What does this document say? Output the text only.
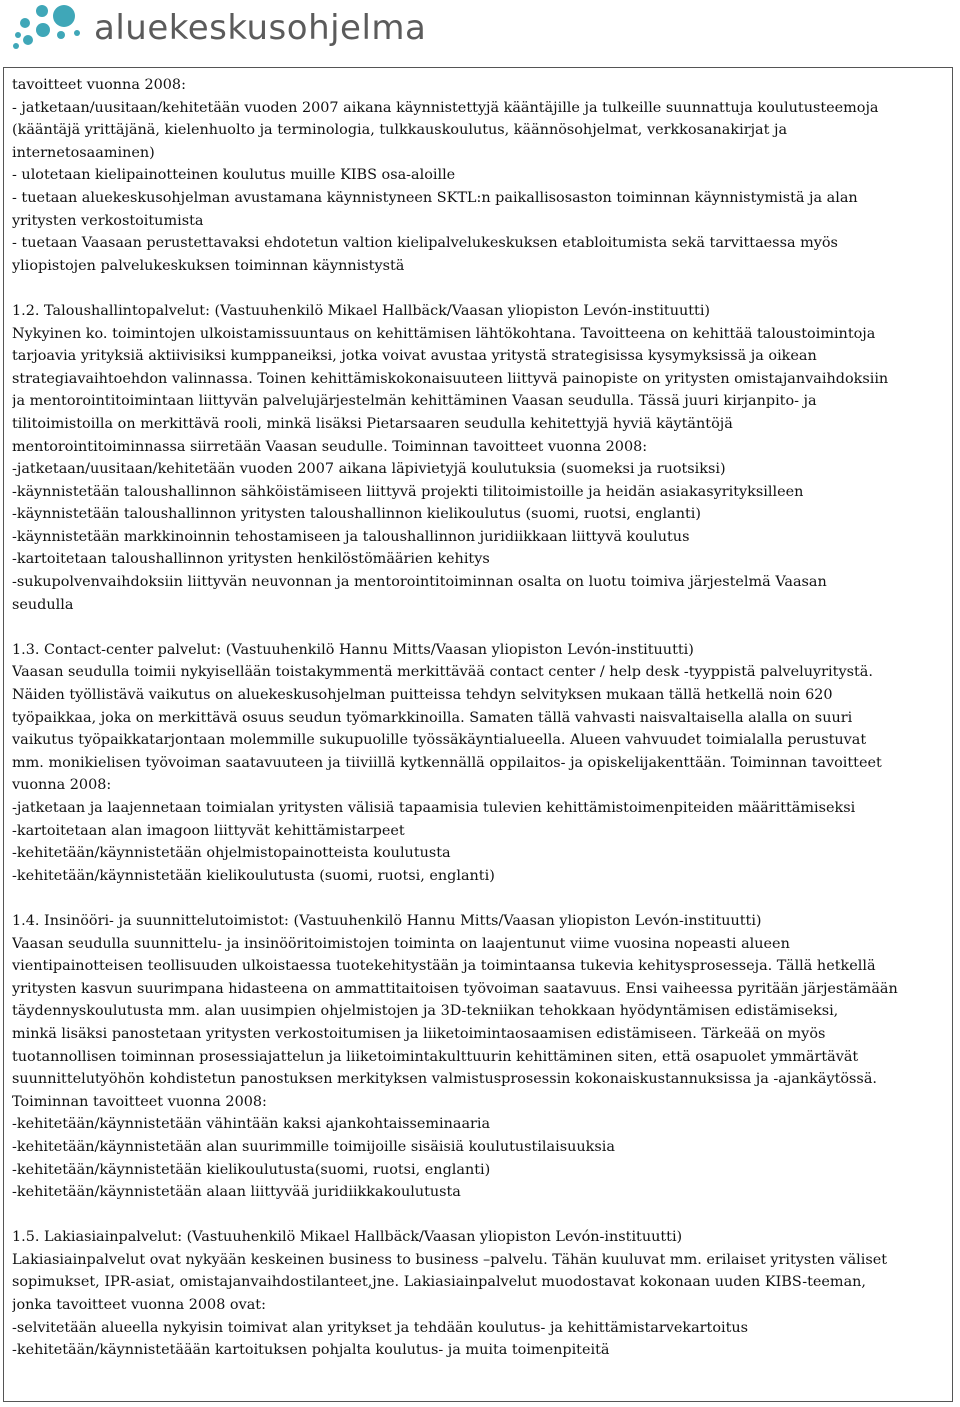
aluekeskusohjelma
tavoitteet vuonna 2008:
- jatketaan/uusitaan/kehitetään vuoden 2007 aikana käynnistettyjä kääntäjille ja tulkeille suunnattuja koulutusteemoja
(kääntäjä yrittäjänä, kielenhuolto ja terminologia, tulkkauskoulutus, käännösohjelmat, verkkosanakirjat ja
internetosaaminen)
- ulotetaan kielipainotteinen koulutus muille KIBS osa-aloille
- tuetaan aluekeskusohjelman avustamana käynnistyneen SKTL:n paikallisosaston toiminnan käynnistymistä ja alan
yritysten verkostoitumista
- tuetaan Vaasaan perustettavaksi ehdotetun valtion kielipalvelukeskuksen etabloitumista sekä tarvittaessa myös
yliopistojen palvelukeskuksen toiminnan käynnistystä
1.2. Taloushallintopalvelut: (Vastuuhenkilö Mikael Hallbäck/Vaasan yliopiston Levón-instituutti)
Nykyinen ko. toimintojen ulkoistamissuuntaus on kehittämisen lähtökohtana. Tavoitteena on kehittää taloustoimintoja
tarjoavia yrityksiä aktiivisiksi kumppaneiksi, jotka voivat avustaa yritystä strategisissa kysymyksissä ja oikean
strategiavaihtoehdon valinnassa. Toinen kehittämiskokonaisuuteen liittyvä painopiste on yritysten omistajanvaihdoksiin
ja mentorointitoimintaan liittyvän palvelujärjestelmän kehittäminen Vaasan seudulla. Tässä juuri kirjanpito- ja
tilitoimistoilla on merkittävä rooli, minkä lisäksi Pietarsaaren seudulla kehitettyjä hyviä käytäntöjä
mentorointitoiminnassa siirretään Vaasan seudulle. Toiminnan tavoitteet vuonna 2008:
-jatketaan/uusitaan/kehitetään vuoden 2007 aikana läpivietyjä koulutuksia (suomeksi ja ruotsiksi)
-käynnistetään taloushallinnon sähköistämiseen liittyvä projekti tilitoimistoille ja heidän asiakasyrityksilleen
-käynnistetään taloushallinnon yritysten taloushallinnon kielikoulutus (suomi, ruotsi, englanti)
-käynnistetään markkinoinnin tehostamiseen ja taloushallinnon juridiikkaan liittyvä koulutus
-kartoitetaan taloushallinnon yritysten henkilöstömäärien kehitys
-sukupolvenvaihdoksiin liittyvän neuvonnan ja mentorointitoiminnan osalta on luotu toimiva järjestelmä Vaasan
seudulla
1.3. Contact-center palvelut: (Vastuuhenkilö Hannu Mitts/Vaasan yliopiston Levón-instituutti)
Vaasan seudulla toimii nykyisellään toistakymmentä merkittävää contact center / help desk -tyyppistä palveluyritystä.
Näiden työllistävä vaikutus on aluekeskusohjelman puitteissa tehdyn selvityksen mukaan tällä hetkellä noin 620
työpaikkaa, joka on merkittävä osuus seudun työmarkkinoilla. Samaten tällä vahvasti naisvaltaisella alalla on suuri
vaikutus työpaikkatarjontaan molemmille sukupuolille työssäkäyntialueella. Alueen vahvuudet toimialalla perustuvat
mm. monikielisen työvoiman saatavuuteen ja tiiviillä kytkennällä oppilaitos- ja opiskelijakenttään. Toiminnan tavoitteet
vuonna 2008:
-jatketaan ja laajennetaan toimialan yritysten välisiä tapaamisia tulevien kehittämistoimenpiteiden määrittämiseksi
-kartoitetaan alan imagoon liittyvät kehittämistarpeet
-kehitetään/käynnistetään ohjelmistopainotteista koulutusta
-kehitetään/käynnistetään kielikoulutusta (suomi, ruotsi, englanti)
1.4. Insinööri- ja suunnittelutoimistot: (Vastuuhenkilö Hannu Mitts/Vaasan yliopiston Levón-instituutti)
Vaasan seudulla suunnittelu- ja insinööritoimistojen toiminta on laajentunut viime vuosina nopeasti alueen
vientipainotteisen teollisuuden ulkoistaessa tuotekehitystään ja toimintaansa tukevia kehitysprosesseja. Tällä hetkellä
yritysten kasvun suurimpana hidasteena on ammattitaitoisen työvoiman saatavuus. Ensi vaiheessa pyritään järjestämään
täydennyskoulutusta mm. alan uusimpien ohjelmistojen ja 3D-tekniikan tehokkaan hyödyntämisen edistämiseksi,
minkä lisäksi panostetaan yritysten verkostoitumisen ja liiketoimintaosaamisen edistämiseen. Tärkeää on myös
tuotannollisen toiminnan prosessiajattelun ja liiketoimintakulttuurin kehittäminen siten, että osapuolet ymmärtävät
suunnittelutyöhön kohdistetun panostuksen merkityksen valmistusprosessin kokonaiskustannuksissa ja -ajankäytössä.
Toiminnan tavoitteet vuonna 2008:
-kehitetään/käynnistetään vähintään kaksi ajankohtaisseminaaria
-kehitetään/käynnistetään alan suurimmille toimijoille sisäisiä koulutustilaisuuksia
-kehitetään/käynnistetään kielikoulutusta(suomi, ruotsi, englanti)
-kehitetään/käynnistetään alaan liittyvää juridiikkakoulutusta
1.5. Lakiasiainpalvelut: (Vastuuhenkilö Mikael Hallbäck/Vaasan yliopiston Levón-instituutti)
Lakiasiainpalvelut ovat nykyään keskeinen business to business –palvelu. Tähän kuuluvat mm. erilaiset yritysten väliset
sopimukset, IPR-asiat, omistajanvaihdostilanteet,jne. Lakiasiainpalvelut muodostavat kokonaan uuden KIBS-teeman,
jonka tavoitteet vuonna 2008 ovat:
-selvitetään alueella nykyisin toimivat alan yritykset ja tehdään koulutus- ja kehittämistarvekartoitus
-kehitetään/käynnistetäään kartoituksen pohjalta koulutus- ja muita toimenpiteitä
